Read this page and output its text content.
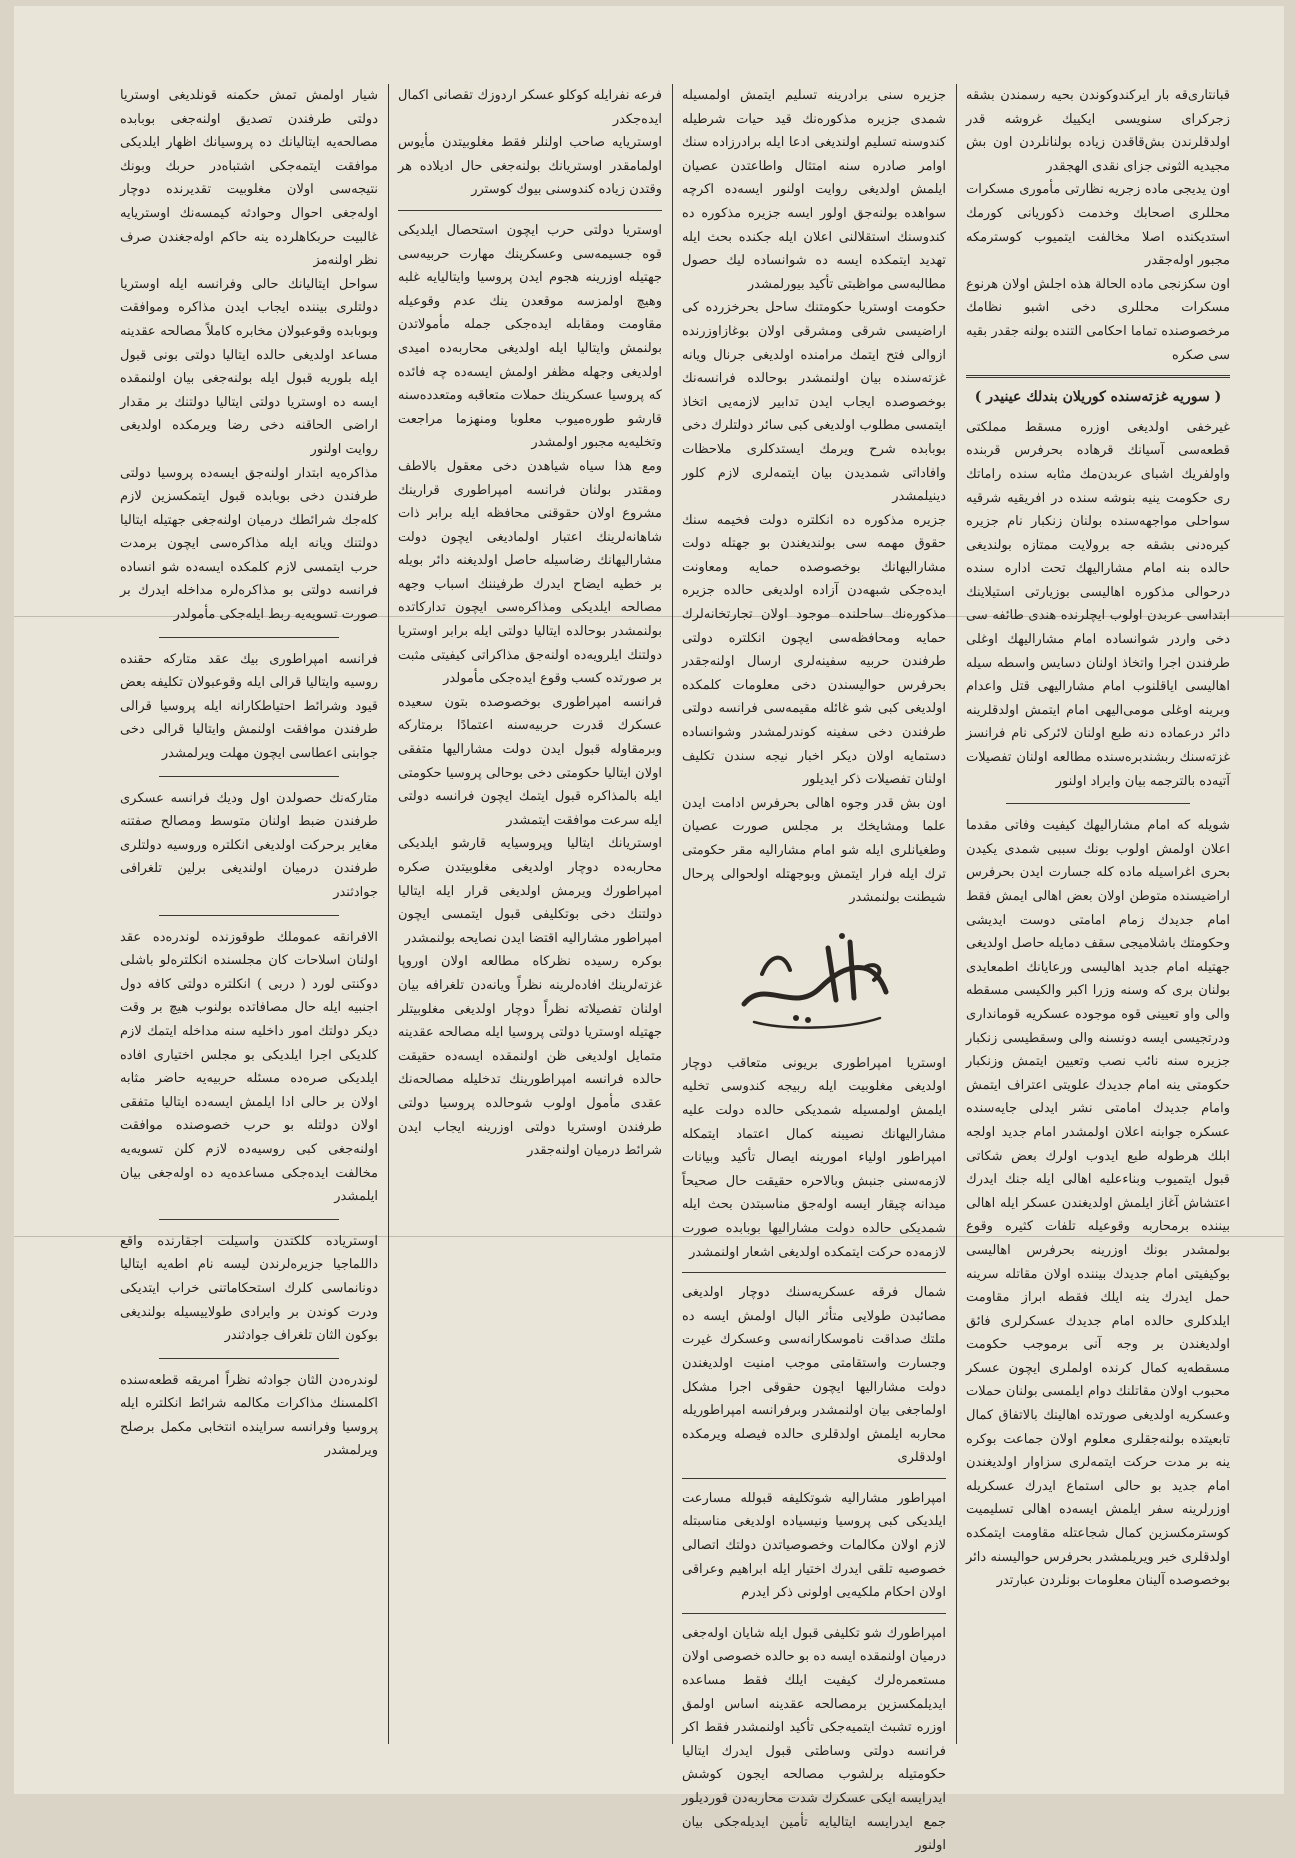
شیار اولمش تمش حکمنه قونلدیغی اوستریا دولتی طرفندن تصدیق اولنه‌جغی بوبابده مصالحه‌یه ایتالیانك ده پروسیانك اظهار ایلدیکی موافقت ایتمه‌جکی اشتباه‌در حربك وبونك نتیجه‌سی اولان مغلوبیت تقدیرنده دوچار اوله‌جغی احوال وحوادثه کیمسه‌نك اوستریایه غالبیت حربکاهلرده ینه حاکم اوله‌جغندن صرف نظر اولنه‌مز

سواحل ایتالیانك حالی وفرانسه ایله اوستریا دولتلری بیننده ایجاب ایدن مذاکره وموافقت وبوبابده وقوعبولان مخابره کاملاً مصالحه عقدینه مساعد اولدیغی حالده ایتالیا دولتی بونی قبول ایله بلوریه قبول ایله بولنه‌جغی بیان اولنمقده ایسه ده اوستریا دولتی ایتالیا دولتنك بر مقدار اراضی الحاقنه دخی رضا ویرمکده اولدیغی روایت اولنور

مذاکره‌یه ابتدار اولنه‌جق ایسه‌ده پروسیا دولتی طرفندن دخی بوبابده قبول ایتمکسزین لازم کله‌جك شرائطك درمیان اولنه‌جغی جهتیله ایتالیا دولتنك ویانه ایله مذاکره‌سی ایچون برمدت حرب ایتمسی لازم کلمکده ایسه‌ده شو انساده فرانسه دولتی بو مذاکره‌لره مداخله ایدرك بر صورت تسویه‌یه ربط ایله‌جکی مأمولدر

فرانسه امپراطوری بیك عقد متارکه حقنده روسیه وایتالیا قرالی ایله وقوعبولان تکلیفه بعض قیود وشرائط احتیاطکارانه ایله پروسیا قرالی طرفندن موافقت اولنمش وایتالیا قرالی دخی جوابنی اعطاسی ایچون مهلت ویرلمشدر

متارکه‌نك حصولدن اول ودیك فرانسه عسکری طرفندن ضبط اولنان متوسط ومصالح صفتنه مغایر برحرکت اولدیغی انکلتره وروسیه دولتلری طرفندن درمیان اولندیغی برلین تلغرافی جوادثندر

الافرانقه عموملك طوقوزنده لوندره‌ده عقد اولنان اسلاحات کان مجلسنده انکلتره‌لو باشلی دوكنتی لورد ( دربی ) انکلتره دولتی کافه دول اجنبیه ایله حال مصافاتده بولنوب هیچ بر وقت دیکر دولتك امور داخلیه سنه مداخله ایتمك لازم کلدیکی اجرا ایلدیکی بو مجلس اختیاری افاده ایلدیکی صره‌ده مسئله حربیه‌یه حاضر مثابه اولان بر حالی ادا ایلمش ایسه‌ده ایتالیا متفقی اولان دولتله بو حرب خصوصنده موافقت اولنه‌جغی کبی روسیه‌ده لازم کلن تسویه‌یه مخالفت ایده‌جکی مساعده‌یه ده اوله‌جغی بیان ایلمشدر

اوستریاده کلکتدن واسیلت اجقارنده واقع داللماجیا جزیره‌لرندن لیسه نام اطه‌یه ایتالیا دونانماسی کلرك استحکاماتنی خراب ایتدیکی ودرت کوندن بر وایرادی طولاییسیله بولندیغی بوکون الثان تلغراف جوادثندر

لوندره‌دن الثان جوادثه نظراً امریقه قطعه‌سنده اکلمسنك مذاکرات مکالمه شرائط انکلتره ایله پروسیا وفرانسه سراینده انتخابی مکمل برصلح ویرلمشدر

فرعه نفرایله کوکلو عسکر اردوزك تقصانی اکمال ایده‌جکدر

اوستریایه صاحب اولنلر فقط مغلوبیتدن مأیوس اولمامقدر اوستریانك بولنه‌جغی حال ادیلاده هر وقتدن زیاده کندوسنی بیوك کوسترر

اوستریا دولتی حرب ایچون استحصال ایلدیکی قوه جسیمه‌سی وعسکرینك مهارت حربیه‌سی جهتیله اوزرینه هجوم ایدن پروسیا وایتالیایه غلبه وهیچ اولمزسه موقعدن ینك عدم وقوعیله مقاومت ومقابله ایده‌جکی جمله مأمولاتدن بولنمش وایتالیا ایله اولدیغی محاربه‌ده امیدی اولدیغی وجهله مظفر اولمش ایسه‌ده چه فائده که پروسیا عسکرینك حملات متعاقبه ومتعدده‌سنه قارشو طوره‌میوب معلوبا ومنهزما مراجعت وتخلیه‌یه مجبور اولمشدر

ومع هذا سیاه شیاهدن دخی معقول بالاطف ومقتدر بولنان فرانسه امپراطوری قرارینك مشروع اولان حقوقنی محافظه ایله برابر ذات شاهانه‌لرینك اعتبار اولمادیغی ایچون دولت مشارالیهانك رضاسیله حاصل اولدیغنه دائر بویله بر خطیه ایضاح ایدرك طرفیننك اسباب وجهه مصالحه ایلدیکی ومذاکره‌سی ایچون تدارکاتده بولنمشدر بوحالده ایتالیا دولتی ایله برابر اوستریا دولتنك ایلرویه‌ده اولنه‌جق مذاکراتی کیفیتی مثبت بر صورتده کسب وقوع ایده‌جکی مأمولدر

فرانسه امپراطوری بوخصوصده بتون سعیده عسکرك قدرت حربیه‌سنه اعتمادًا برمتارکه وبرمقاوله قبول ایدن دولت مشارالیها متفقی اولان ایتالیا حکومتی دخی بوحالی پروسیا حکومتی ایله بالمذاکره قبول ایتمك ایچون فرانسه دولتی ایله سرعت موافقت ایتمشدر

اوستریانك ایتالیا وپروسیایه قارشو ایلدیکی محاربه‌ده دوچار اولدیغی مغلوبیتدن صکره امپراطورك ویرمش اولدیغی قرار ایله ایتالیا دولتنك دخی بوتکلیفی قبول ایتمسی ایچون امپراطور مشارالیه اقتضا ایدن نصایحه بولنمشدر

بوکره رسیده نظرکاه مطالعه اولان اوروپا غزته‌لرینك افاده‌لرینه نظراً ویانه‌دن تلغرافه بیان اولنان تفصیلاته نظراً دوچار اولدیغی مغلوبیتلر جهتیله اوستریا دولتی پروسیا ایله مصالحه عقدینه متمایل اولدیغی ظن اولنمقده ایسه‌ده حقیقت حالده فرانسه امپراطورینك تدخلیله مصالحه‌نك عقدی مأمول اولوب شوحالده پروسیا دولتی طرفندن اوستریا دولتی اوزرینه ایجاب ایدن شرائط درمیان اولنه‌جقدر

جزیره سنی برادرینه تسلیم ایتمش اولمسیله شمدی جزیره مذکوره‌نك قید حیات شرطیله کندوسنه تسلیم اولندیغی ادعا ایله برادرزاده سنك اوامر صادره سنه امتثال واطاعتدن عصیان ایلمش اولدیغی روایت اولنور ایسه‌ده اکرچه سواهده بولنه‌جق اولور ایسه جزیره مذکوره ده کندوسنك استقلالنی اعلان ایله جکنده بحث ایله تهدید ایتمکده ایسه ده شوانساده لیك حصول مطالبه‌سی مواظبتی تأکید بیورلمشدر

حکومت اوستریا حکومتنك ساحل بحرخزرده کی اراضیسی شرقی ومشرقی اولان بوغازاوزرنده ازوالی فتح ایتمك مرامنده اولدیغی جرنال ویانه غزته‌سنده بیان اولنمشدر بوحالده فرانسه‌نك بوخصوصده ایجاب ایدن تدابیر لازمه‌یی اتخاذ ایتمسی مطلوب اولدیغی کبی سائر دولتلرك دخی بوبابده شرح ویرمك ایستدکلری ملاحظات وافاداتی شمدیدن بیان ایتمه‌لری لازم کلور دینیلمشدر

جزیره مذکوره ده انکلتره دولت فخیمه سنك حقوق مهمه سی بولندیغندن بو جهتله دولت مشارالیهانك بوخصوصده حمایه ومعاونت ایده‌جکی شبهه‌دن آزاده اولدیغی حالده جزیره مذکوره‌نك ساحلنده موجود اولان تجارتخانه‌لرك حمایه ومحافظه‌سی ایچون انکلتره دولتی طرفندن حربیه سفینه‌لری ارسال اولنه‌جقدر بحرفرس حوالیسندن دخی معلومات کلمکده اولدیغی کبی شو غائله مقیمه‌سی فرانسه دولتی طرفندن دخی سفینه کوندرلمشدر وشوانساده دستمایه اولان دیکر اخبار نیجه سندن تکلیف اولنان تفصیلات ذکر ایدیلور

اون بش قدر وجوه اهالی بحرفرس ادامت ایدن علما ومشایخك بر مجلس صورت عصیان وطغیانلری ایله شو امام مشارالیه مقر حکومتی ترك ایله فرار ایتمش وبوجهتله اولحوالی پرحال شیطنت بولنمشدر

اوستریا امپراطوری بریونی متعاقب دوچار اولدیغی مغلوبیت ایله ربیجه کندوسی تخلیه ایلمش اولمسیله شمدیکی حالده دولت علیه مشارالیهانك نصیبنه کمال اعتماد ایتمكله امپراطور اولیاء امورینه ایصال تأکید وبیانات لازمه‌سنی جنبش وبالاحره حقیقت حال صحیحاً میدانه چیقار ایسه اوله‌جق مناسبتدن بحث ایله شمدیکی حالده دولت مشارالیها بوبابده صورت لازمه‌ده حرکت ایتمکده اولدیغی اشعار اولنمشدر

شمال فرقه عسکریه‌سنك دوچار اولدیغی مصائبدن طولایی متأثر البال اولمش ایسه ده ملتك صداقت ناموسکارانه‌سی وعسکرك غیرت وجسارت واستقامتی موجب امنیت اولدیغندن دولت مشارالیها ایچون حقوقی اجرا مشکل اولماجغی بیان اولنمشدر وبرفرانسه امپراطوریله محاربه ایلمش اولدقلری حالده فیصله ویرمکده اولدقلری

امپراطور مشارالیه شوتکلیفه قبولله مسارعت ایلدیکی کبی پروسیا ونیسیاده اولدیغی مناسبتله لازم اولان مکالمات وخصوصیاتدن دولتك اتصالی خصوصیه تلقی ایدرك اختیار ایله ابراهیم وعراقی اولان احکام ملکیه‌یی اولونی ذکر ایدرم

امپراطورك شو تکلیفی قبول ایله شایان اوله‌جغی درمیان اولنمقده ایسه ده بو حالده خصوصی اولان مستعمره‌لرك کیفیت ایلك فقط مساعده ایدیلمکسزین برمصالحه عقدینه اساس اولمق اوزره تشبث ایتمیه‌جکی تأکید اولنمشدر فقط اکر فرانسه دولتی وساطتی قبول ایدرك ایتالیا حکومتیله برلشوب مصالحه ایجون کوشش ایدرایسه ایکی عسکرك شدت محاربه‌دن قوردیلور جمع ایدرایسه ایتالیایه تأمین ایدیله‌جکی بیان اولنور

قبانتاری‌قه بار ایرکندوکوندن بحیه رسمندن بشقه زجرکرای سنویسی ایکییك غروشه قدر اولدقلرندن بش‌قاقدن زیاده بولنانلردن اون بش مجیدیه الثونی جزای نقدی الهجقدر

اون یدیجی ماده زجریه نظارتی مأموری مسکرات محللری اصحابك وخدمت ذکوریانی کورمك استدیکنده اصلا مخالفت ایتمیوب کوسترمکه مجبور اوله‌جقدر

اون سکزنجی ماده الحالة هذه اجلش اولان هرنوع مسکرات محللری دخی اشبو نظامك مرخصوصنده تماما احکامی التنده بولنه جقدر بقیه سی صکره

( سوریه غزته‌سنده کوریلان بندلك عینیدر )

غیرخفی اولدیغی اوزره مسقط مملکتی قطعه‌سی آسیانك قرهاده بحرفرس قربنده واولفریك اشبای عربدن‌مك مثابه سنده راماتك ری حکومت ینیه بنوشه سنده در افریقیه شرقیه سواحلی مواجهه‌سنده بولنان زنکبار نام جزیره کیره‌دنی بشقه جه برولایت ممتازه بولندیغی حالده بنه امام مشارالیهك تحت اداره سنده درحوالی مذکوره اهالیسی بوزیارتی استیلاینك ابتداسی عربدن اولوب ایچلرنده هندی طائفه سی دخی واردر شوانساده امام مشارالیهك اوغلی طرفندن اجرا واتخاذ اولنان دسایس واسطه سیله اهالیسی ایاقلنوب امام مشارالیهی قتل واعدام وبرینه اوغلی مومی‌الیهی امام ایتمش اولدقلرینه دائر درعماده دنه طبع اولنان لائرکی نام فرانسز غزته‌سنك ربشندبره‌سنده مطالعه اولنان تفصیلات آتیه‌ده بالترجمه بیان وایراد اولنور

شویله که امام مشارالیهك کیفیت وفاتی مقدما اعلان اولمش اولوب بونك سببی شمدی یکیدن بحری اغراسیله ماده کله جسارت ایدن بحرفرس اراضیسنده متوطن اولان بعض اهالی ایمش فقط امام جدیدك زمام امامتی دوست ایدیشی وحکومتك باشلامیجی سقف دمایله حاصل اولدیغی جهتیله امام جدید اهالیسی ورعایانك اطمعایدی بولنان بری که وسنه وزرا اکبر والکیسی مسقطه والی واو تعیینی قوه موجوده عسکریه قومانداری ودرتجیسی ایسه دونسنه والی وسقطیسی زنکبار جزیره سنه نائب نصب وتعیین ایتمش وزنکبار حکومتی ینه امام جدیدك علویتی اعتراف ایتمش وامام جدیدك امامتی نشر ایدلی جایه‌سنده عسکره جوابنه اعلان اولمشدر امام جدید اولجه ابلك هرطوله طبع ایدوب اولرك بعض شکاتی قبول ایتمیوب وبناءعلیه اهالی ایله جنك ایدرك اعتشاش آغاز ایلمش اولدیغندن عسکر ایله اهالی بیننده برمحاربه وقوعیله تلفات کثیره وقوع بولمشدر بونك اوزرینه بحرفرس اهالیسی بوکیفیتی امام جدیدك بیننده اولان مقاتله سرینه حمل ایدرك ینه ایلك فقطه ابراز مقاومت ایلدکلری حالده امام جدیدك عسکرلری فائق اولدیغندن بر وجه آنی برموجب حکومت مسقطه‌یه کمال کرنده اولملری ایچون عسکر محبوب اولان مقاتلنك دوام ایلمسی بولنان حملات وعسکریه اولدیغی صورتده اهالینك بالاتفاق کمال تابعیتده بولنه‌جقلری معلوم اولان جماعت بوکره ینه بر مدت حرکت ایتمه‌لری سزاوار اولدیغندن امام جدید بو حالی استماع ایدرك عسکریله اوزرلرینه سفر ایلمش ایسه‌ده اهالی تسلیمیت کوسترمکسزین کمال شجاعتله مقاومت ایتمکده اولدقلری خبر ویریلمشدر بحرفرس حوالیسنه دائر بوخصوصده آلینان معلومات بونلردن عبارتدر
